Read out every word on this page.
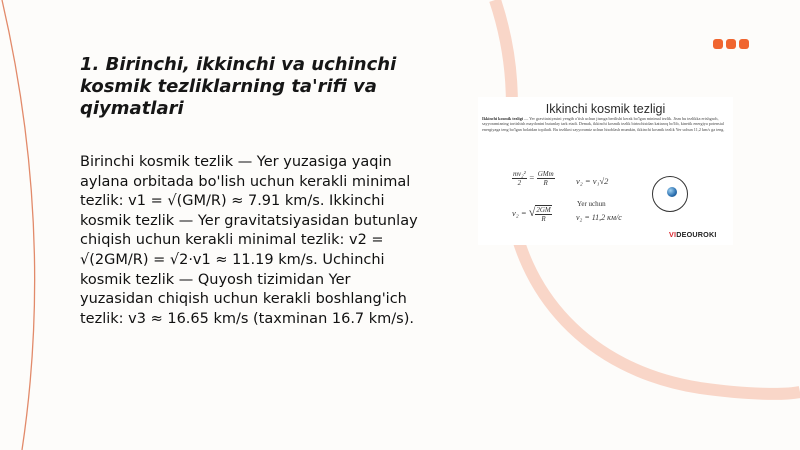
1. Birinchi, ikkinchi va uchinchi kosmik tezliklarning ta'rifi va qiymatlari

Birinchi kosmik tezlik — Yer yuzasiga yaqin aylana orbitada bo'lish uchun kerakli minimal tezlik: v1 = √(GM/R) ≈ 7.91 km/s. Ikkinchi kosmik tezlik — Yer gravitatsiyasidan butunlay chiqish uchun kerakli minimal tezlik: v2 = √(2GM/R) = √2·v1 ≈ 11.19 km/s. Uchinchi kosmik tezlik — Quyosh tizimidan Yer yuzasidan chiqish uchun kerakli boshlang'ich tezlik: v3 ≈ 16.65 km/s (taxminan 16.7 km/s).

Ikkinchi kosmik tezligi
Ikkinchi kosmik tezligi — Yer gravitatsiyasini yengib o'tish uchun jismga berilishi kerak bo'lgan minimal tezlik. Jism bu tezlikka erishgach, sayyoramizning tortishish maydonini butunlay tark etadi. Demak, ikkinchi kosmik tezlik birinchisidan kattaroq bo'lib, kinetik energiya potensial energiyaga teng bo'lgan holatdan topiladi. Bu tezlikni sayyoramiz uchun hisoblash mumkin, ikkinchi kosmik tezlik Yer uchun 11,2 km/s ga teng.
$\frac{\text{mv₂²}}{2} = \frac{\text{GMm}}{R}$	v₂ = v₁√2
v₂ = √ $\frac{2GM}{R}$
Yer uchun
v₂ = 11,2 км/с
VIDEOUROKI
